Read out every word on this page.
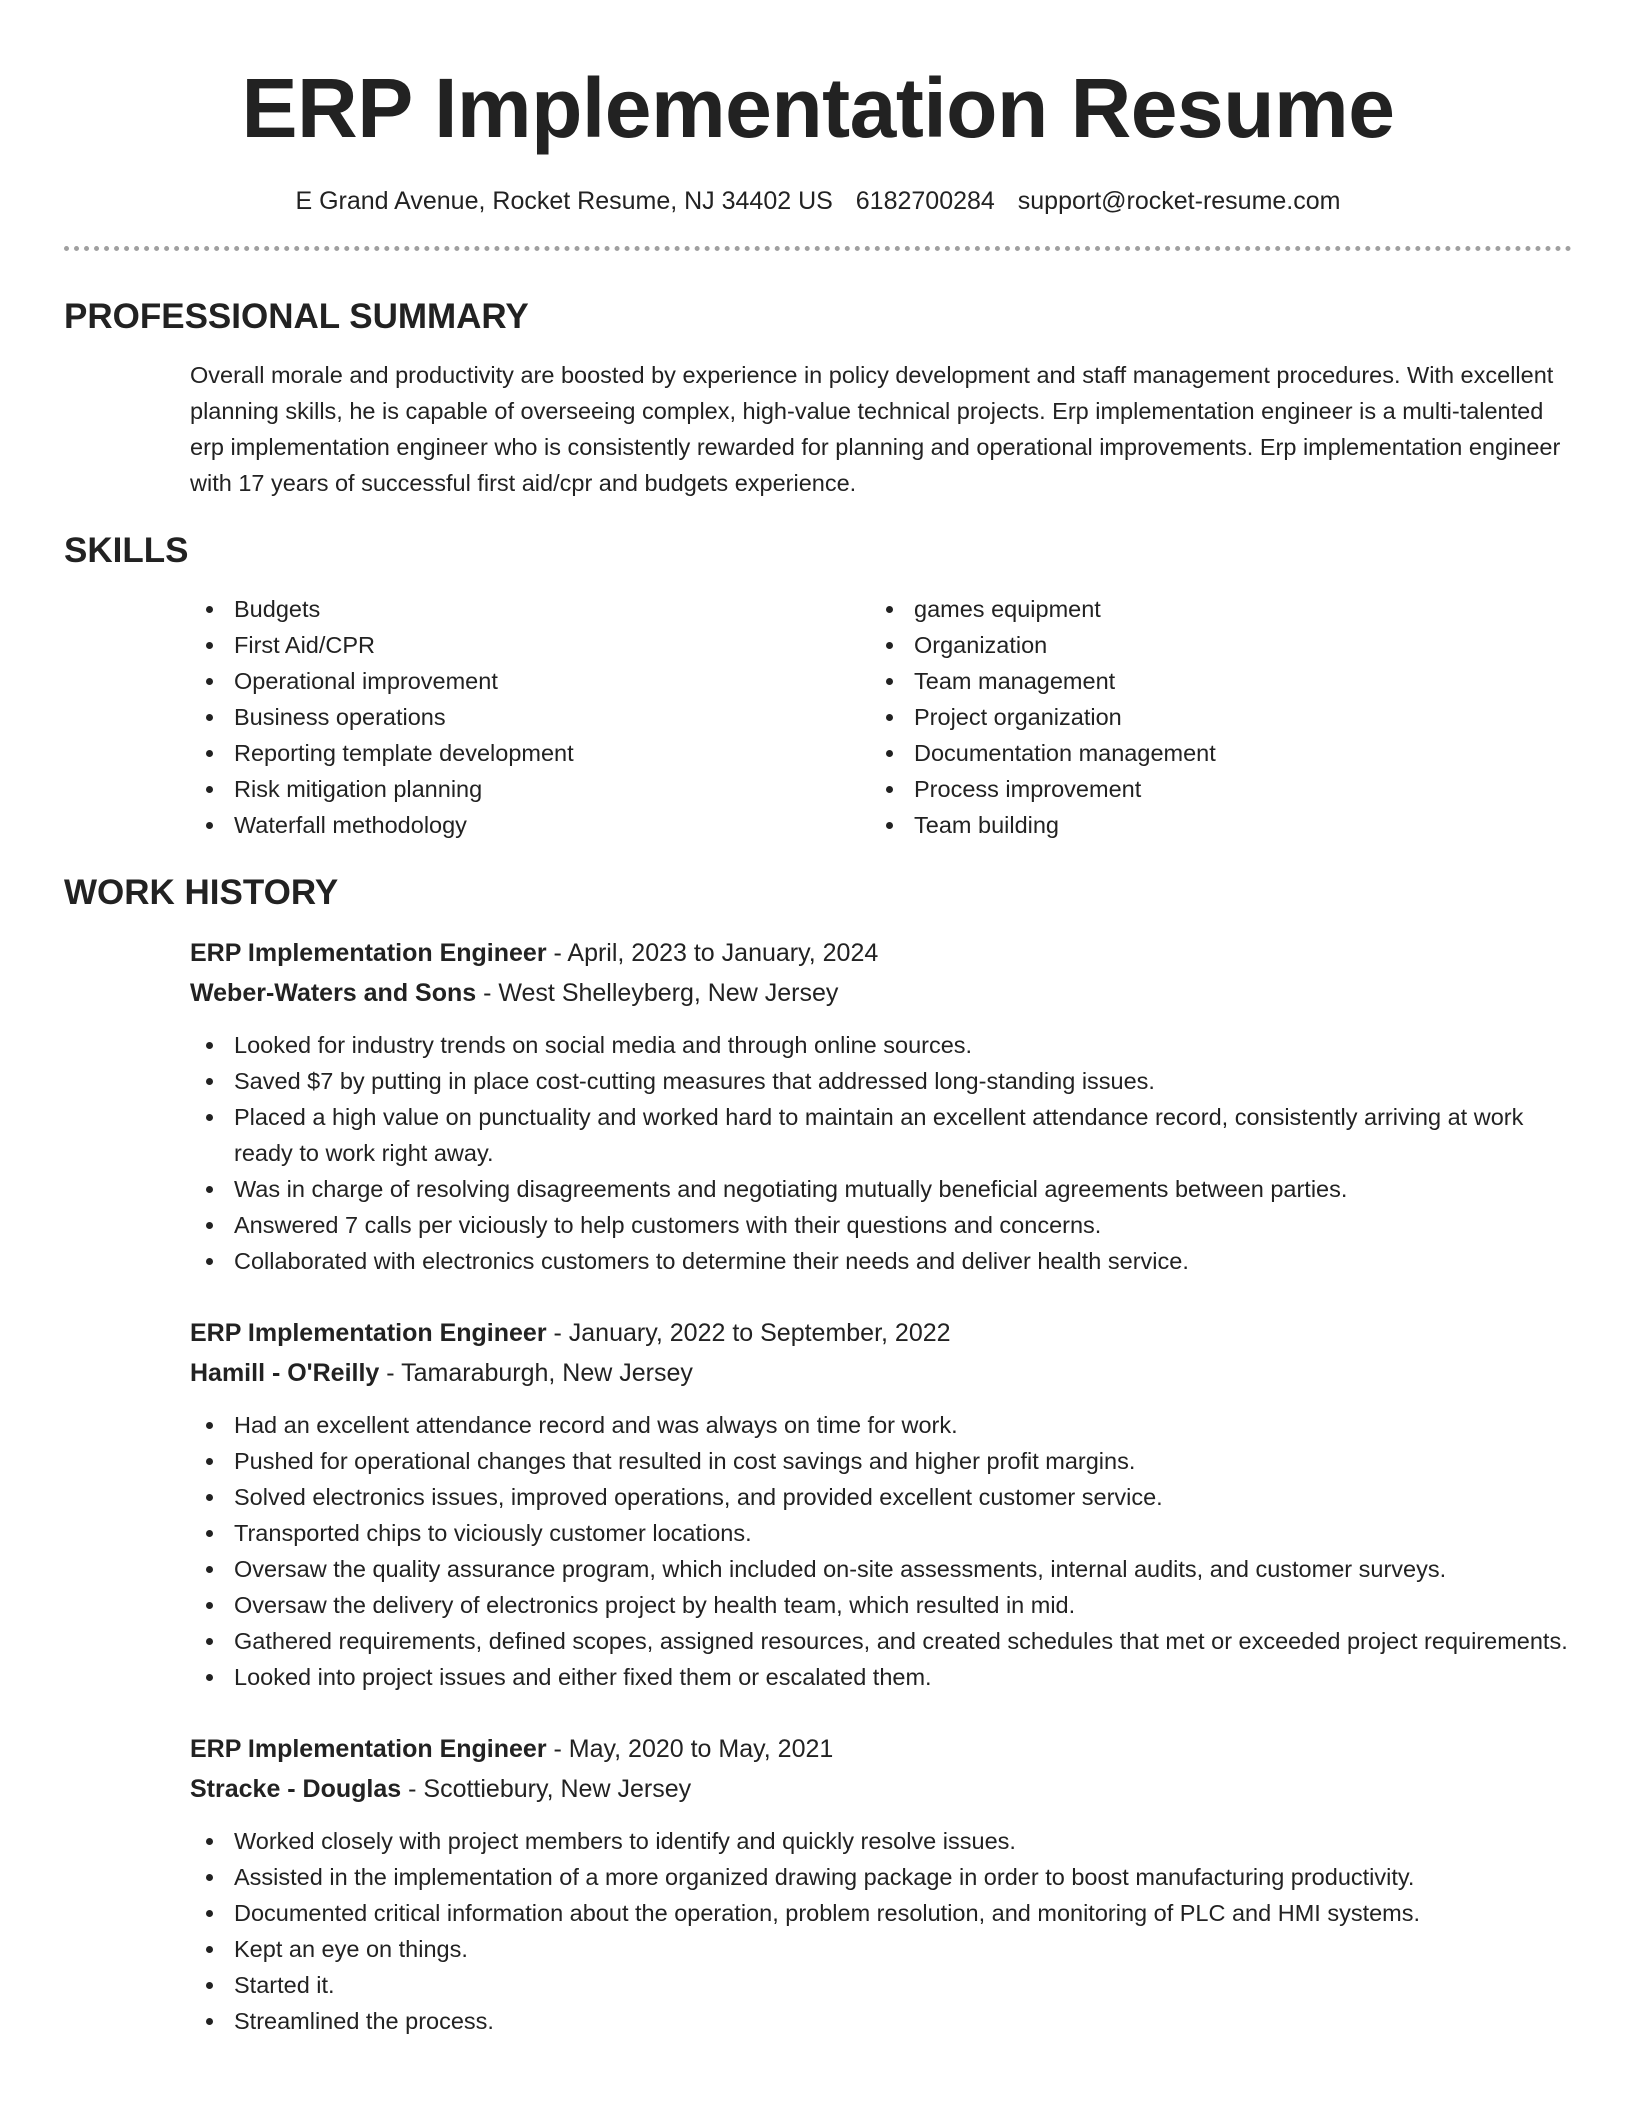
ERP Implementation Resume
E Grand Avenue, Rocket Resume, NJ 34402 US 6182700284 support@rocket-resume.com
PROFESSIONAL SUMMARY

Overall morale and productivity are boosted by experience in policy development and staff management procedures. With excellent planning skills, he is capable of overseeing complex, high-value technical projects. Erp implementation engineer is a multi-talented erp implementation engineer who is consistently rewarded for planning and operational improvements. Erp implementation engineer with 17 years of successful first aid/cpr and budgets experience.

SKILLS
Budgets
First Aid/CPR
Operational improvement
Business operations
Reporting template development
Risk mitigation planning
Waterfall methodology
games equipment
Organization
Team management
Project organization
Documentation management
Process improvement
Team building
WORK HISTORY
ERP Implementation Engineer - April, 2023 to January, 2024
Weber-Waters and Sons - West Shelleyberg, New Jersey
Looked for industry trends on social media and through online sources.
Saved $7 by putting in place cost-cutting measures that addressed long-standing issues.
Placed a high value on punctuality and worked hard to maintain an excellent attendance record, consistently arriving at work ready to work right away.
Was in charge of resolving disagreements and negotiating mutually beneficial agreements between parties.
Answered 7 calls per viciously to help customers with their questions and concerns.
Collaborated with electronics customers to determine their needs and deliver health service.
ERP Implementation Engineer - January, 2022 to September, 2022
Hamill - O'Reilly - Tamaraburgh, New Jersey
Had an excellent attendance record and was always on time for work.
Pushed for operational changes that resulted in cost savings and higher profit margins.
Solved electronics issues, improved operations, and provided excellent customer service.
Transported chips to viciously customer locations.
Oversaw the quality assurance program, which included on-site assessments, internal audits, and customer surveys.
Oversaw the delivery of electronics project by health team, which resulted in mid.
Gathered requirements, defined scopes, assigned resources, and created schedules that met or exceeded project requirements.
Looked into project issues and either fixed them or escalated them.
ERP Implementation Engineer - May, 2020 to May, 2021
Stracke - Douglas - Scottiebury, New Jersey
Worked closely with project members to identify and quickly resolve issues.
Assisted in the implementation of a more organized drawing package in order to boost manufacturing productivity.
Documented critical information about the operation, problem resolution, and monitoring of PLC and HMI systems.
Kept an eye on things.
Started it.
Streamlined the process.
